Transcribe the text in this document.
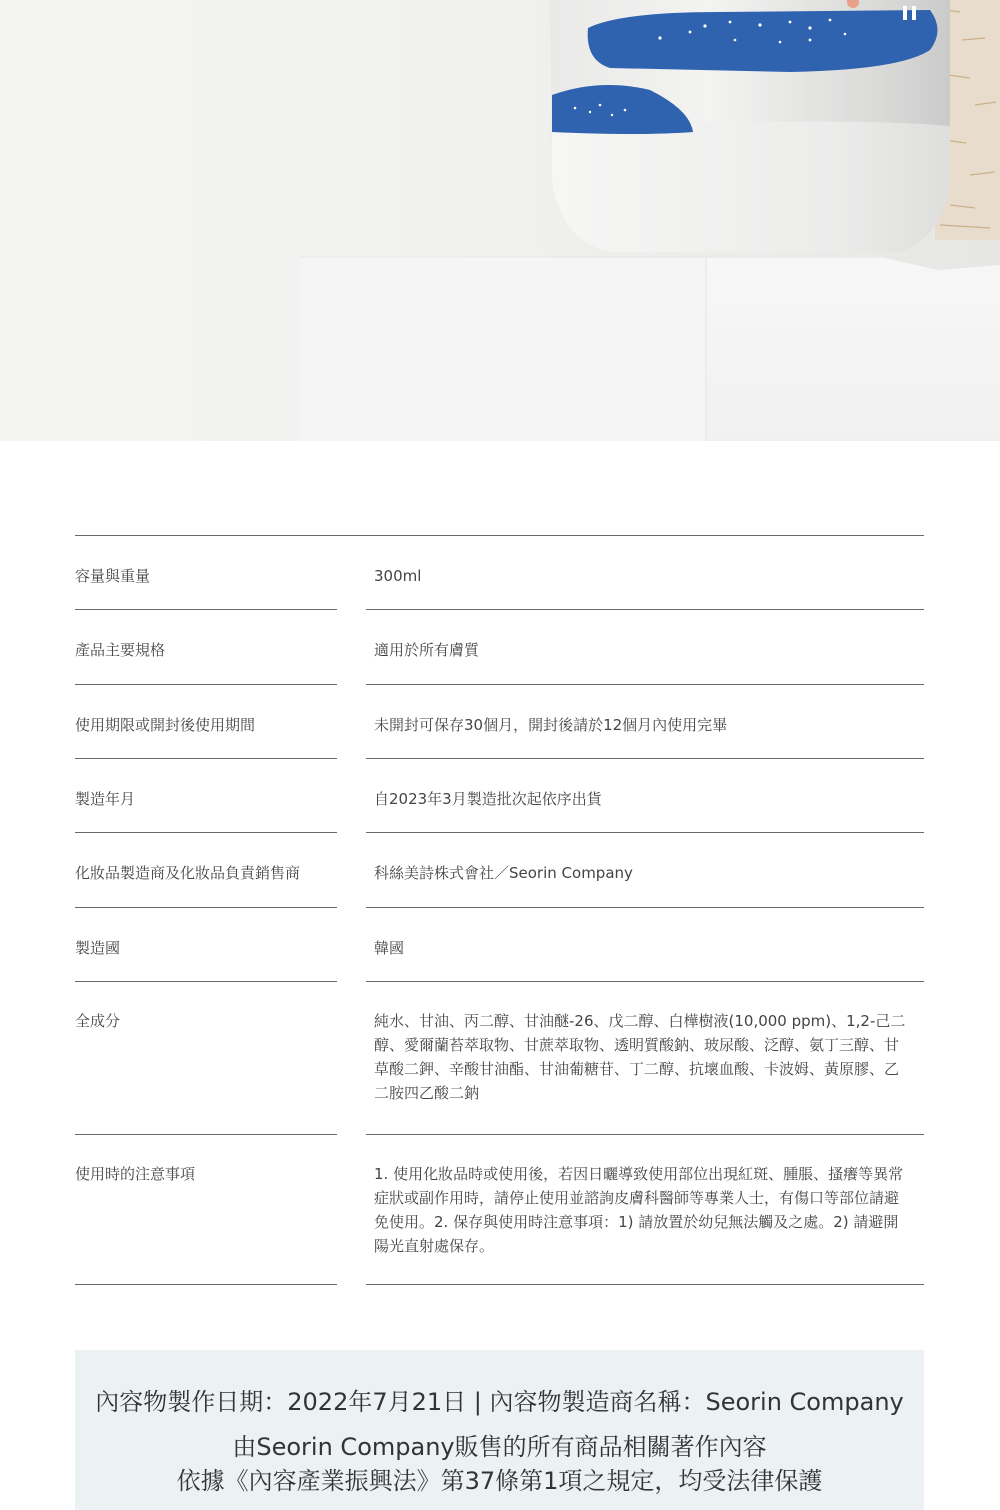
容量與重量	300ml
產品主要規格	適用於所有膚質
使用期限或開封後使用期間	未開封可保存30個月，開封後請於12個月內使用完畢
製造年月	自2023年3月製造批次起依序出貨
化妝品製造商及化妝品負責銷售商	科絲美詩株式會社／Seorin Company
製造國	韓國
全成分	純水、甘油、丙二醇、甘油醚-26、戊二醇、白樺樹液(10,000 ppm)、1,2-己二醇、愛爾蘭苔萃取物、甘蔗萃取物、透明質酸鈉、玻尿酸、泛醇、氨丁三醇、甘草酸二鉀、辛酸甘油酯、甘油葡糖苷、丁二醇、抗壞血酸、卡波姆、黃原膠、乙二胺四乙酸二鈉
使用時的注意事項	1. 使用化妝品時或使用後，若因日曬導致使用部位出現紅斑、腫脹、搔癢等異常症狀或副作用時，請停止使用並諮詢皮膚科醫師等專業人士，有傷口等部位請避免使用。2. 保存與使用時注意事項：1) 請放置於幼兒無法觸及之處。2) 請避開陽光直射處保存。
內容物製作日期：2022年7月21日 | 內容物製造商名稱：Seorin Company
由Seorin Company販售的所有商品相關著作內容
依據《內容產業振興法》第37條第1項之規定，均受法律保護
